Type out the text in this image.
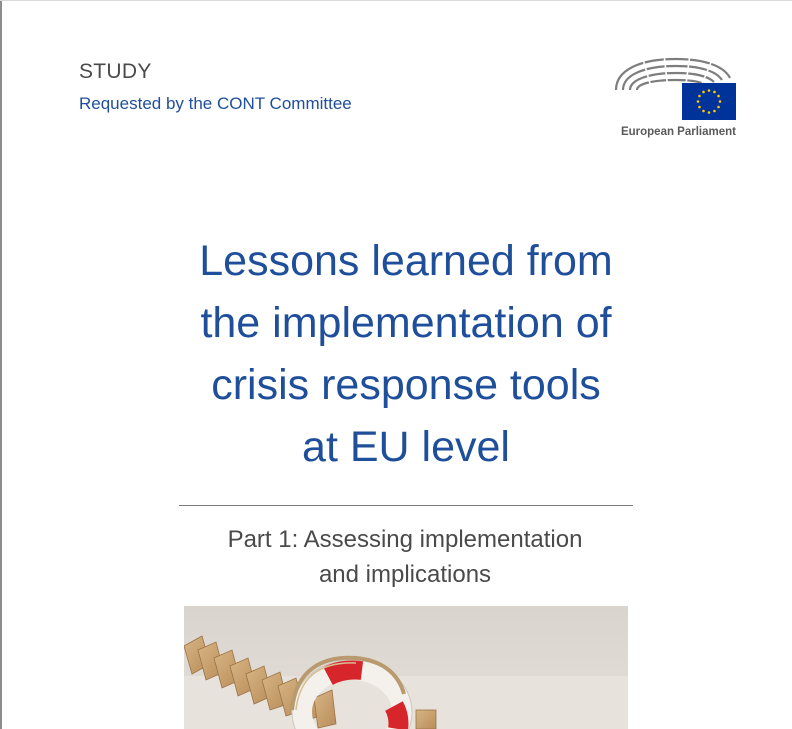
STUDY
Requested by the CONT Committee
European Parliament
Lessons learned from
the implementation of
crisis response tools
at EU level
Part 1: Assessing implementation
and implications
